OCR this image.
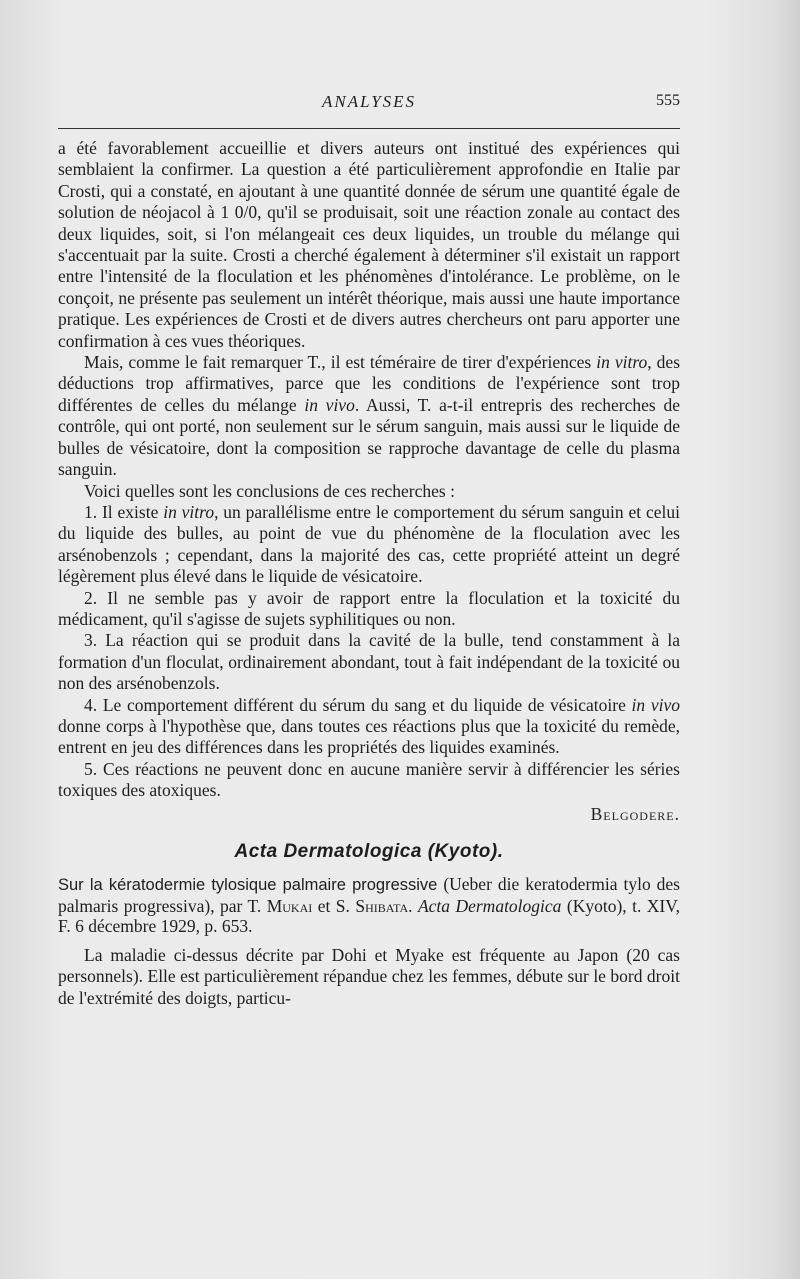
ANALYSES	555

a été favorablement accueillie et divers auteurs ont institué des expériences qui semblaient la confirmer. La question a été particulièrement approfondie en Italie par Crosti, qui a constaté, en ajoutant à une quantité donnée de sérum une quantité égale de solution de néojacol à 1 0/0, qu'il se produisait, soit une réaction zonale au contact des deux liquides, soit, si l'on mélangeait ces deux liquides, un trouble du mélange qui s'accentuait par la suite. Crosti a cherché également à déterminer s'il existait un rapport entre l'intensité de la floculation et les phénomènes d'intolérance. Le problème, on le conçoit, ne présente pas seulement un intérêt théorique, mais aussi une haute importance pratique. Les expériences de Crosti et de divers autres chercheurs ont paru apporter une confirmation à ces vues théoriques.

Mais, comme le fait remarquer T., il est téméraire de tirer d'expériences in vitro, des déductions trop affirmatives, parce que les conditions de l'expérience sont trop différentes de celles du mélange in vivo. Aussi, T. a-t-il entrepris des recherches de contrôle, qui ont porté, non seulement sur le sérum sanguin, mais aussi sur le liquide de bulles de vésicatoire, dont la composition se rapproche davantage de celle du plasma sanguin.

Voici quelles sont les conclusions de ces recherches :

1. Il existe in vitro, un parallélisme entre le comportement du sérum sanguin et celui du liquide des bulles, au point de vue du phénomène de la floculation avec les arsénobenzols ; cependant, dans la majorité des cas, cette propriété atteint un degré légèrement plus élevé dans le liquide de vésicatoire.

2. Il ne semble pas y avoir de rapport entre la floculation et la toxicité du médicament, qu'il s'agisse de sujets syphilitiques ou non.

3. La réaction qui se produit dans la cavité de la bulle, tend constamment à la formation d'un floculat, ordinairement abondant, tout à fait indépendant de la toxicité ou non des arsénobenzols.

4. Le comportement différent du sérum du sang et du liquide de vésicatoire in vivo donne corps à l'hypothèse que, dans toutes ces réactions plus que la toxicité du remède, entrent en jeu des différences dans les propriétés des liquides examinés.

5. Ces réactions ne peuvent donc en aucune manière servir à différencier les séries toxiques des atoxiques.

Belgodere.

Acta Dermatologica (Kyoto).

Sur la kératodermie tylosique palmaire progressive (Ueber die keratodermia tylo des palmaris progressiva), par T. Mukai et S. Shibata. Acta Dermatologica (Kyoto), t. XIV, F. 6 décembre 1929, p. 653.

La maladie ci-dessus décrite par Dohi et Myake est fréquente au Japon (20 cas personnels). Elle est particulièrement répandue chez les femmes, débute sur le bord droit de l'extrémité des doigts, particu-
